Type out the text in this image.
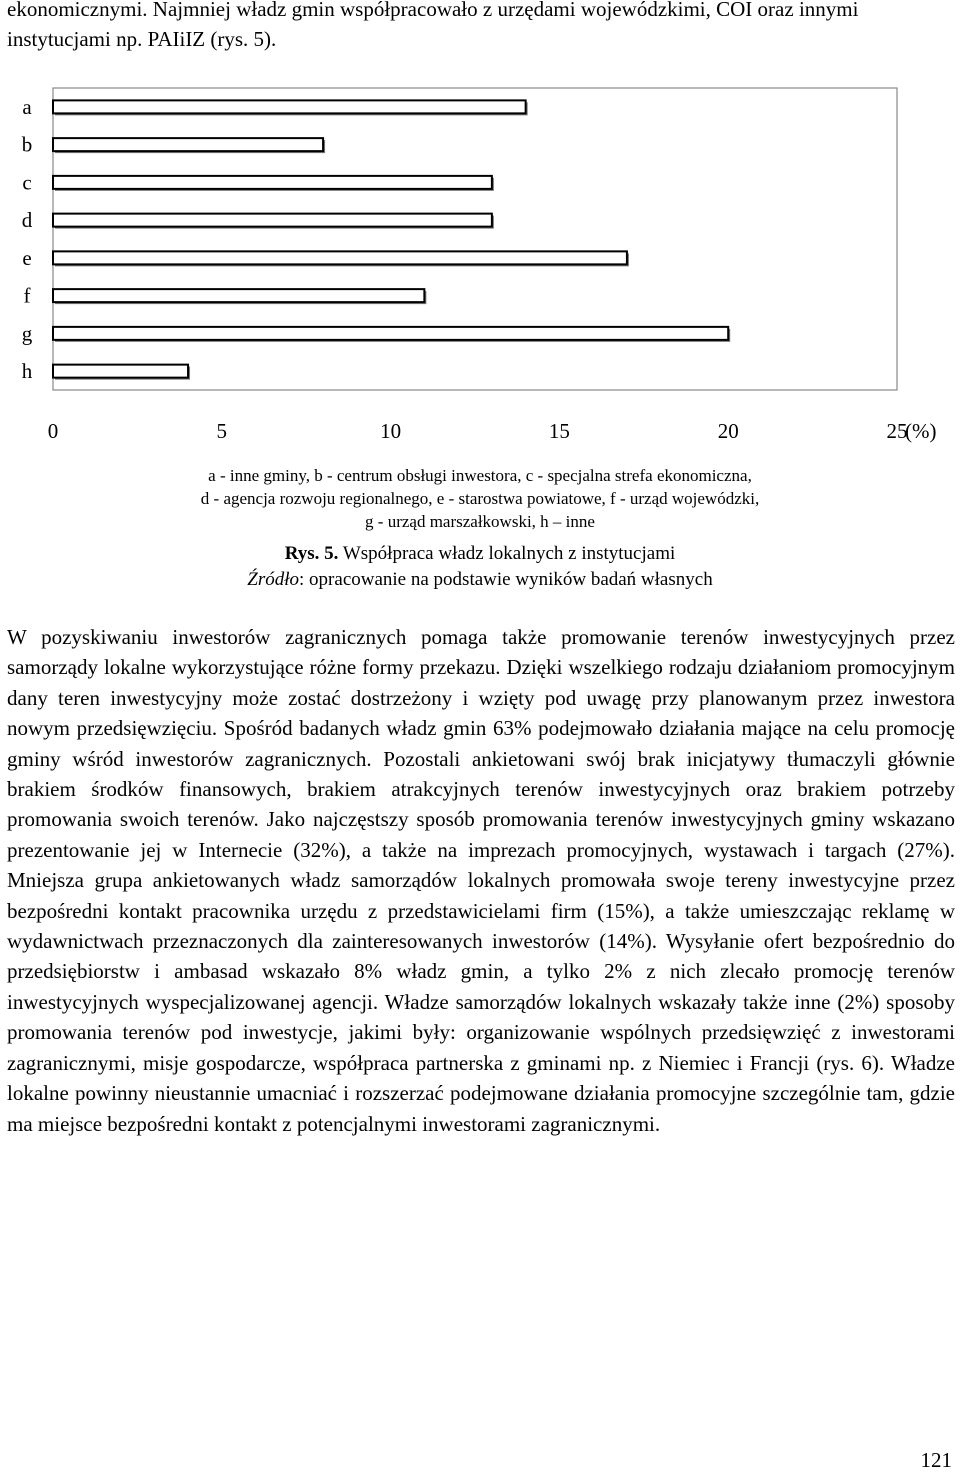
ekonomicznymi. Najmniej władz gmin współpracowało z urzędami wojewódzkimi, COI oraz innymi instytucjami np. PAIiIZ (rys. 5).

a
b
c
d
e
f
g
h
0	5	10	15	20	25
(%)
a - inne gminy, b - centrum obsługi inwestora, c - specjalna strefa ekonomiczna,
d - agencja rozwoju regionalnego, e - starostwa powiatowe, f - urząd wojewódzki,
g - urząd marszałkowski, h – inne
Rys. 5. Współpraca władz lokalnych z instytucjami
Źródło: opracowanie na podstawie wyników badań własnych

W pozyskiwaniu inwestorów zagranicznych pomaga także promowanie terenów inwestycyjnych przez samorządy lokalne wykorzystujące różne formy przekazu. Dzięki wszelkiego rodzaju działaniom promocyjnym dany teren inwestycyjny może zostać dostrzeżony i wzięty pod uwagę przy planowanym przez inwestora nowym przedsięwzięciu. Spośród badanych władz gmin 63% podejmowało działania mające na celu promocję gminy wśród inwestorów zagranicznych. Pozostali ankietowani swój brak inicjatywy tłumaczyli głównie brakiem środków finansowych, brakiem atrakcyjnych terenów inwestycyjnych oraz brakiem potrzeby promowania swoich terenów. Jako najczęstszy sposób promowania terenów inwestycyjnych gminy wskazano prezentowanie jej w Internecie (32%), a także na imprezach promocyjnych, wystawach i targach (27%). Mniejsza grupa ankietowanych władz samorządów lokalnych promowała swoje tereny inwestycyjne przez bezpośredni kontakt pracownika urzędu z przedstawicielami firm (15%), a także umieszczając reklamę w wydawnictwach przeznaczonych dla zainteresowanych inwestorów (14%). Wysyłanie ofert bezpośrednio do przedsiębiorstw i ambasad wskazało 8% władz gmin, a tylko 2% z nich zlecało promocję terenów inwestycyjnych wyspecjalizowanej agencji. Władze samorządów lokalnych wskazały także inne (2%) sposoby promowania terenów pod inwestycje, jakimi były: organizowanie wspólnych przedsięwzięć z inwestorami zagranicznymi, misje gospodarcze, współpraca partnerska z gminami np. z Niemiec i Francji (rys. 6). Władze lokalne powinny nieustannie umacniać i rozszerzać podejmowane działania promocyjne szczególnie tam, gdzie ma miejsce bezpośredni kontakt z potencjalnymi inwestorami zagranicznymi.

121
